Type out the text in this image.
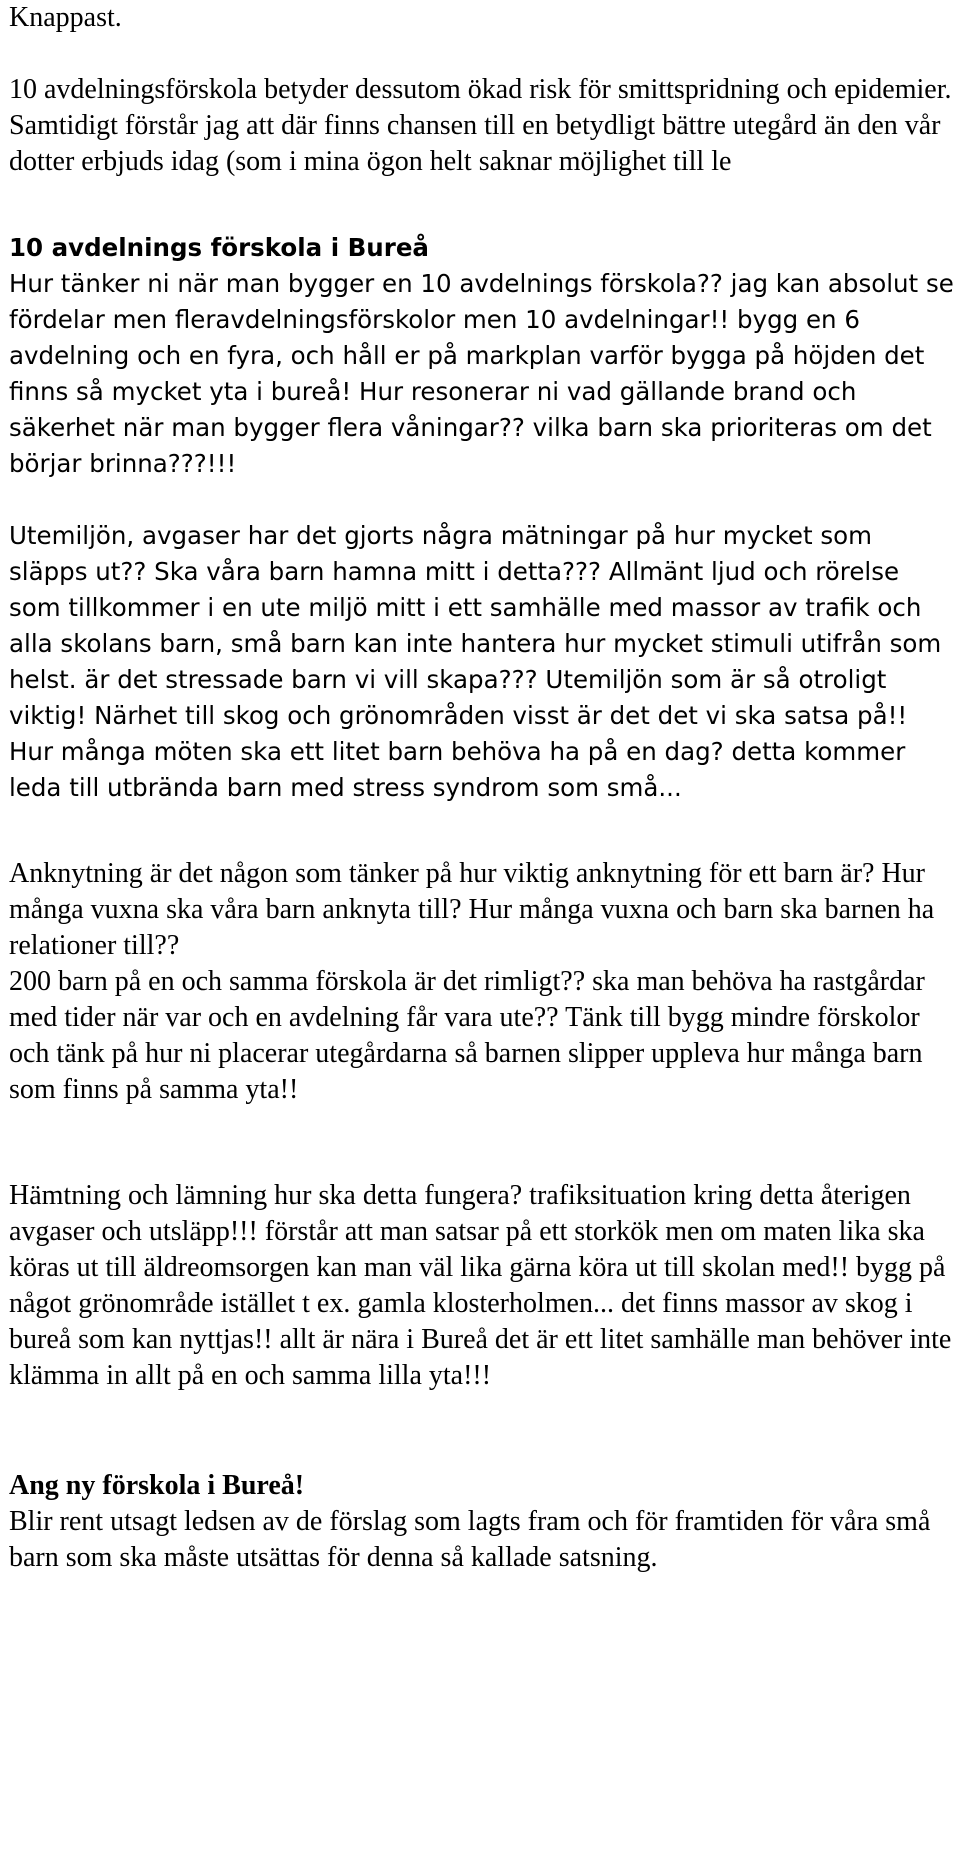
Knappast.

10 avdelningsförskola betyder dessutom ökad risk för smittspridning och epidemier. Samtidigt förstår jag att där finns chansen till en betydligt bättre utegård än den vår dotter erbjuds idag (som i mina ögon helt saknar möjlighet till le

10 avdelnings förskola i Bureå

Hur tänker ni när man bygger en 10 avdelnings förskola?? jag kan absolut se fördelar men fleravdelningsförskolor men 10 avdelningar!! bygg en 6 avdelning och en fyra, och håll er på markplan varför bygga på höjden det finns så mycket yta i bureå! Hur resonerar ni vad gällande brand och säkerhet när man bygger flera våningar?? vilka barn ska prioriteras om det börjar brinna???!!!

Utemiljön, avgaser har det gjorts några mätningar på hur mycket som släpps ut?? Ska våra barn hamna mitt i detta??? Allmänt ljud och rörelse som tillkommer i en ute miljö mitt i ett samhälle med massor av trafik och alla skolans barn, små barn kan inte hantera hur mycket stimuli utifrån som helst. är det stressade barn vi vill skapa??? Utemiljön som är så otroligt viktig! Närhet till skog och grönområden visst är det det vi ska satsa på!! Hur många möten ska ett litet barn behöva ha på en dag? detta kommer leda till utbrända barn med stress syndrom som små...

Anknytning är det någon som tänker på hur viktig anknytning för ett barn är? Hur många vuxna ska våra barn anknyta till? Hur många vuxna och barn ska barnen ha relationer till??

200 barn på en och samma förskola är det rimligt?? ska man behöva ha rastgårdar med tider när var och en avdelning får vara ute?? Tänk till bygg mindre förskolor och tänk på hur ni placerar utegårdarna så barnen slipper uppleva hur många barn som finns på samma yta!!

Hämtning och lämning hur ska detta fungera? trafiksituation kring detta återigen avgaser och utsläpp!!! förstår att man satsar på ett storkök men om maten lika ska köras ut till äldreomsorgen kan man väl lika gärna köra ut till skolan med!! bygg på något grönområde istället t ex. gamla klosterholmen... det finns massor av skog i bureå som kan nyttjas!! allt är nära i Bureå det är ett litet samhälle man behöver inte klämma in allt på en och samma lilla yta!!!

Ang ny förskola i Bureå!

Blir rent utsagt ledsen av de förslag som lagts fram och för framtiden för våra små barn som ska måste utsättas för denna så kallade satsning.
